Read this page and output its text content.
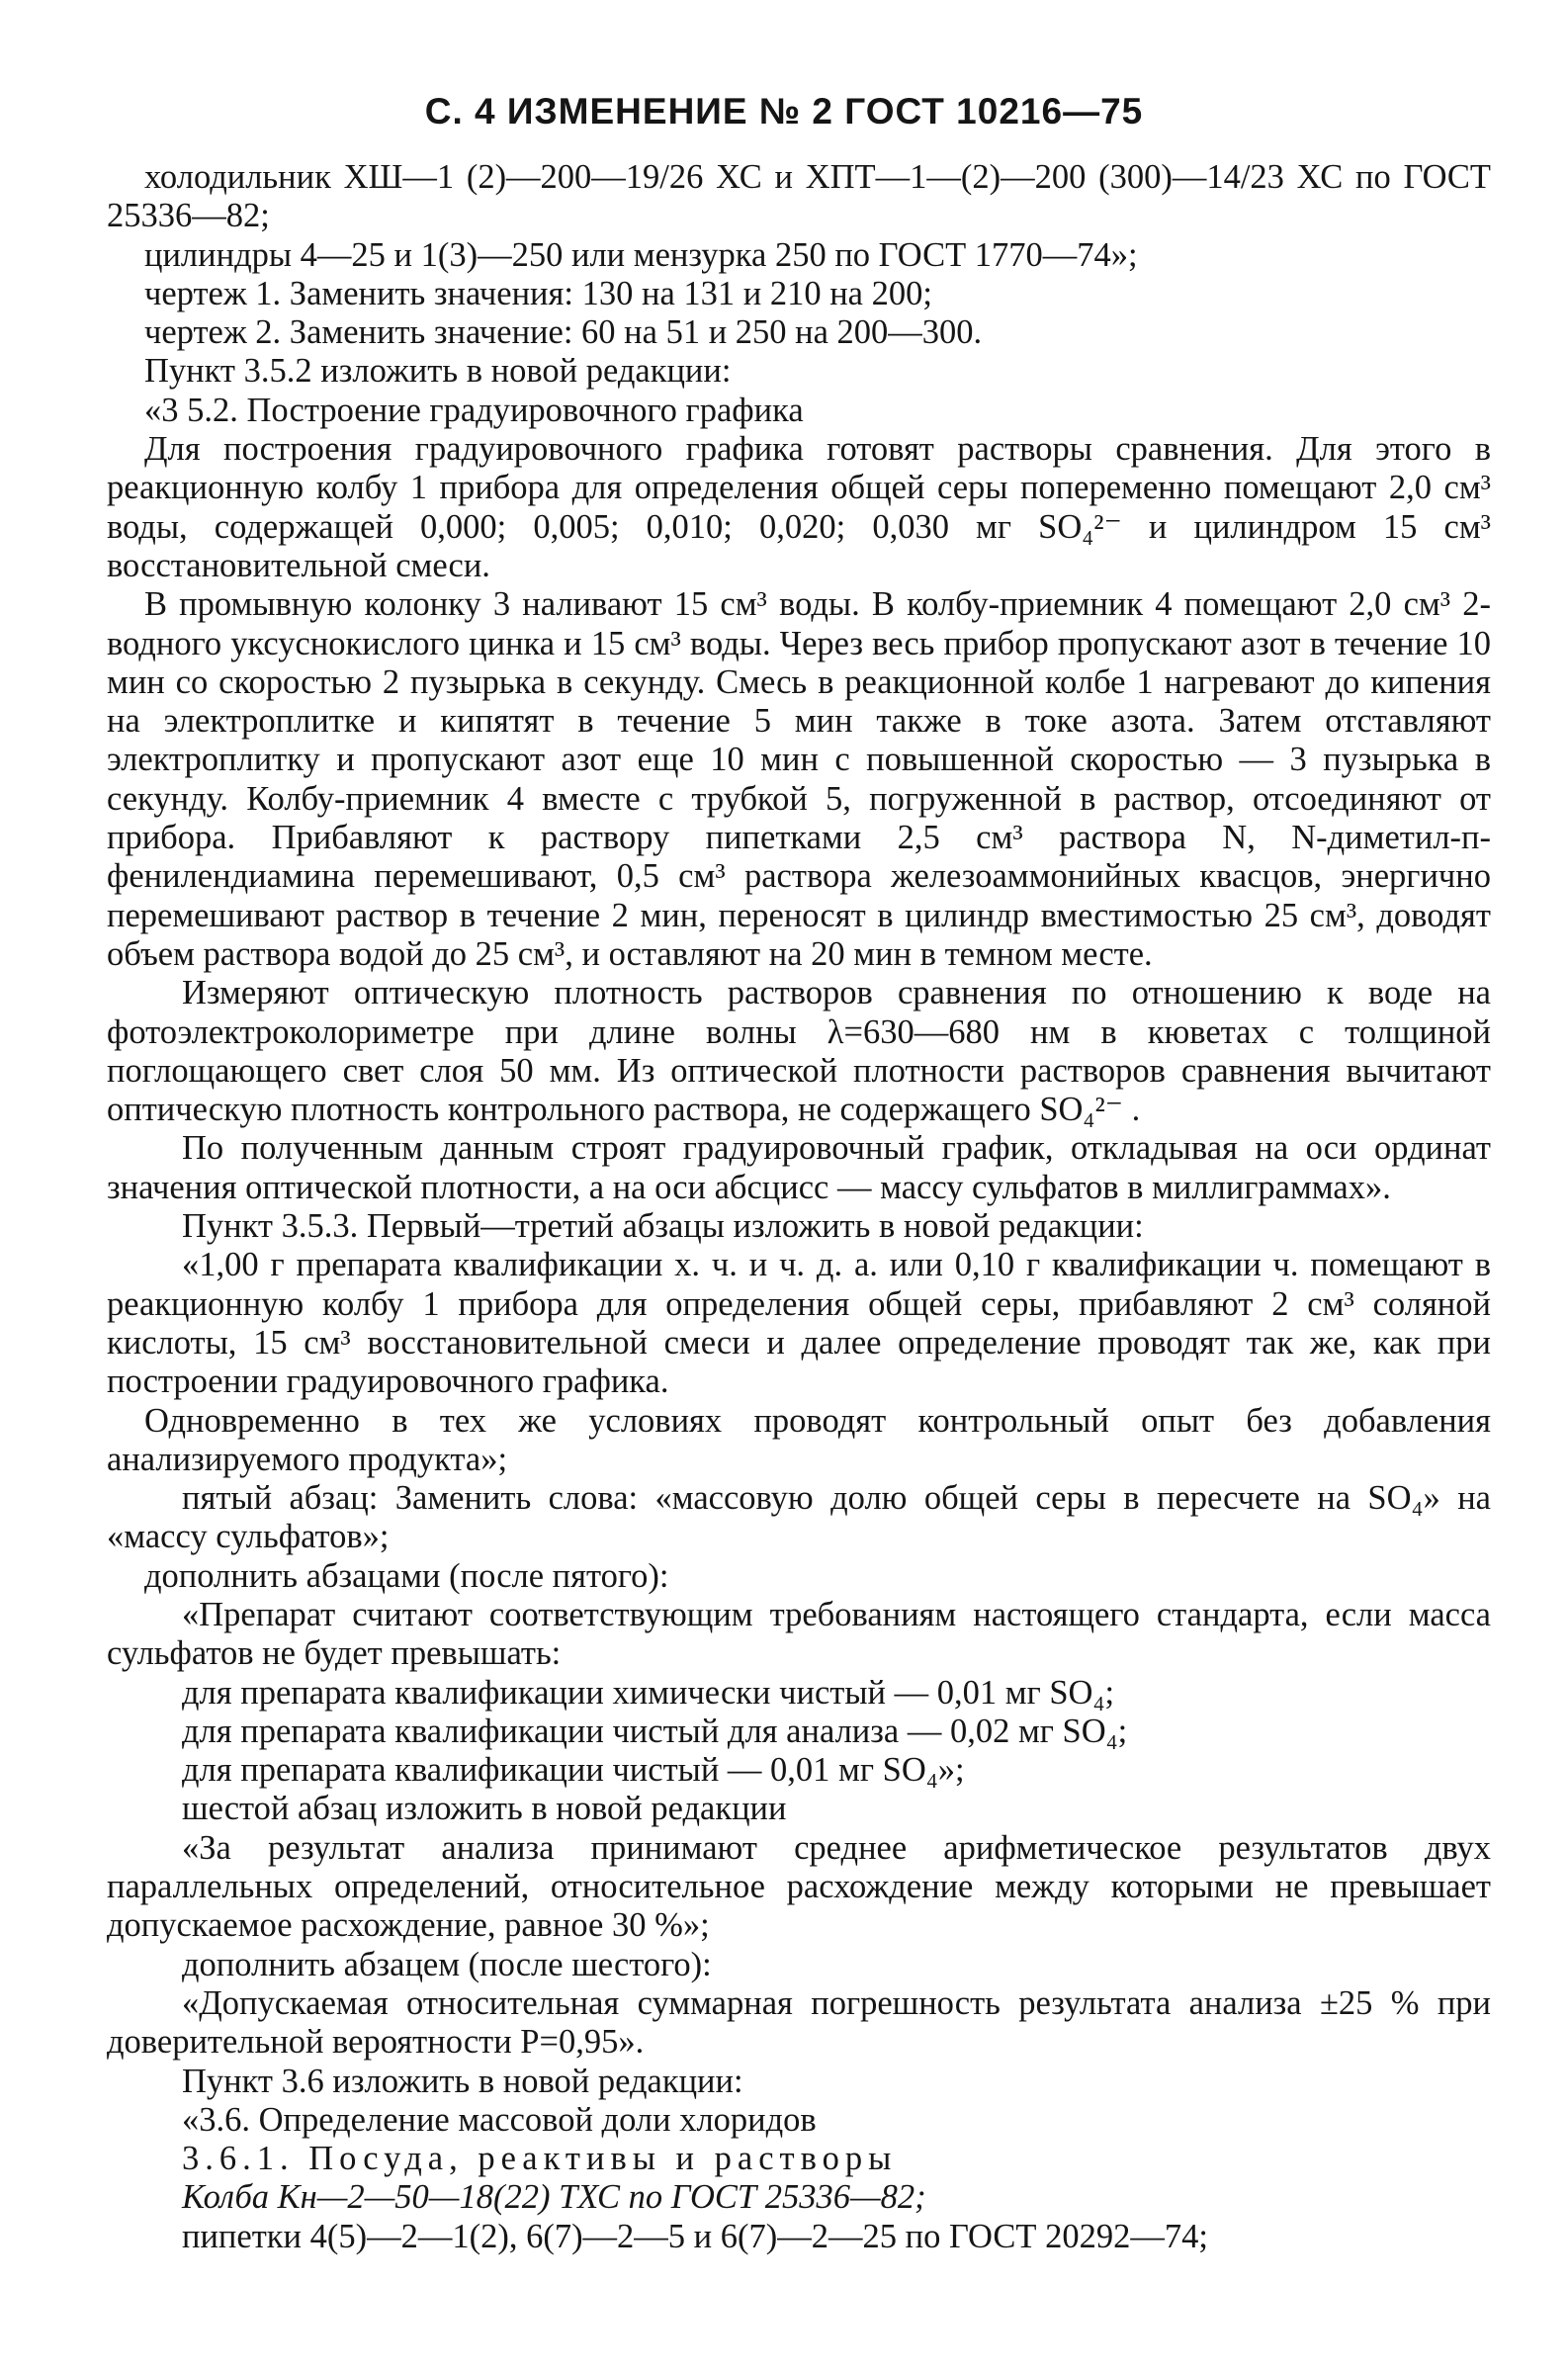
С. 4 ИЗМЕНЕНИЕ № 2 ГОСТ 10216—75

холодильник ХШ—1 (2)—200—19/26 ХС и ХПТ—1—(2)—200 (300)—14/23 ХС по ГОСТ 25336—82;

цилиндры 4—25 и 1(3)—250 или мензурка 250 по ГОСТ 1770—74»;

чертеж 1. Заменить значения: 130 на 131 и 210 на 200;

чертеж 2. Заменить значение: 60 на 51 и 250 на 200—300.

Пункт 3.5.2 изложить в новой редакции:

«3 5.2. Построение градуировочного графика

Для построения градуировочного графика готовят растворы сравнения. Для этого в реакционную колбу 1 прибора для определения общей серы попеременно помещают 2,0 см³ воды, содержащей 0,000; 0,005; 0,010; 0,020; 0,030 мг SO₄²⁻ и цилиндром 15 см³ восстановительной смеси.

В промывную колонку 3 наливают 15 см³ воды. В колбу-приемник 4 помещают 2,0 см³ 2-водного уксуснокислого цинка и 15 см³ воды. Через весь прибор пропускают азот в течение 10 мин со скоростью 2 пузырька в секунду. Смесь в реакционной колбе 1 нагревают до кипения на электроплитке и кипятят в течение 5 мин также в токе азота. Затем отставляют электроплитку и пропускают азот еще 10 мин с повышенной скоростью — 3 пузырька в секунду. Колбу-приемник 4 вместе с трубкой 5, погруженной в раствор, отсоединяют от прибора. Прибавляют к раствору пипетками 2,5 см³ раствора N, N-диметил-п-фенилендиамина перемешивают, 0,5 см³ раствора железоаммонийных квасцов, энергично перемешивают раствор в течение 2 мин, переносят в цилиндр вместимостью 25 см³, доводят объем раствора водой до 25 см³, и оставляют на 20 мин в темном месте.

Измеряют оптическую плотность растворов сравнения по отношению к воде на фотоэлектроколориметре при длине волны λ=630—680 нм в кюветах с толщиной поглощающего свет слоя 50 мм. Из оптической плотности растворов сравнения вычитают оптическую плотность контрольного раствора, не содержащего SO₄²⁻ .

По полученным данным строят градуировочный график, откладывая на оси ординат значения оптической плотности, а на оси абсцисс — массу сульфатов в миллиграммах».

Пункт 3.5.3. Первый—третий абзацы изложить в новой редакции:

«1,00 г препарата квалификации х. ч. и ч. д. а. или 0,10 г квалификации ч. помещают в реакционную колбу 1 прибора для определения общей серы, прибавляют 2 см³ соляной кислоты, 15 см³ восстановительной смеси и далее определение проводят так же, как при построении градуировочного графика.

Одновременно в тех же условиях проводят контрольный опыт без добавления анализируемого продукта»;

пятый абзац: Заменить слова: «массовую долю общей серы в пересчете на SO₄» на «массу сульфатов»;

дополнить абзацами (после пятого):

«Препарат считают соответствующим требованиям настоящего стандарта, если масса сульфатов не будет превышать:

для препарата квалификации химически чистый — 0,01 мг SO₄;

для препарата квалификации чистый для анализа — 0,02 мг SO₄;

для препарата квалификации чистый — 0,01 мг SO₄»;

шестой абзац изложить в новой редакции

«За результат анализа принимают среднее арифметическое результатов двух параллельных определений, относительное расхождение между которыми не превышает допускаемое расхождение, равное 30 %»;

дополнить абзацем (после шестого):

«Допускаемая относительная суммарная погрешность результата анализа ±25 % при доверительной вероятности Р=0,95».

Пункт 3.6 изложить в новой редакции:

«3.6. Определение массовой доли хлоридов

3.6.1. Посуда, реактивы и растворы

Колба Кн—2—50—18(22) ТХС по ГОСТ 25336—82;

пипетки 4(5)—2—1(2), 6(7)—2—5 и 6(7)—2—25 по ГОСТ 20292—74;
